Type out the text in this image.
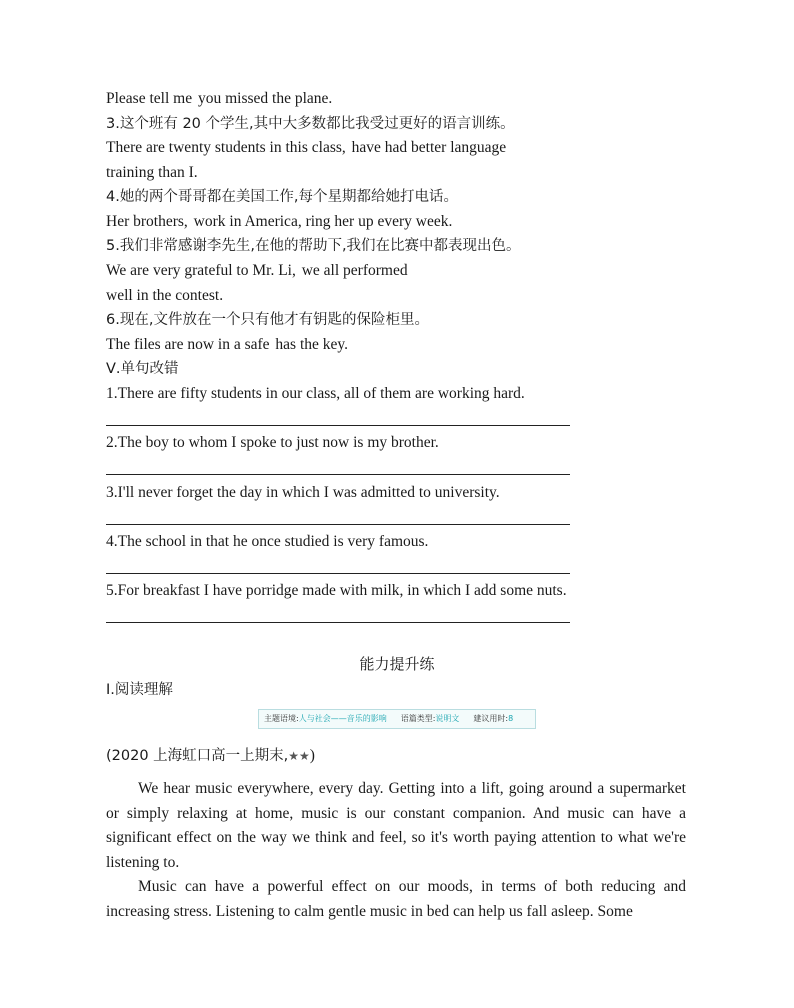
Please tell me you missed the plane.
3.这个班有 20 个学生,其中大多数都比我受过更好的语言训练。
There are twenty students in this class, have had better language
training than I.
4.她的两个哥哥都在美国工作,每个星期都给她打电话。
Her brothers, work in America, ring her up every week.
5.我们非常感谢李先生,在他的帮助下,我们在比赛中都表现出色。
We are very grateful to Mr. Li, we all performed
well in the contest.
6.现在,文件放在一个只有他才有钥匙的保险柜里。
The files are now in a safe has the key.
Ⅴ.单句改错
1.There are fifty students in our class, all of them are working hard.
2.The boy to whom I spoke to just now is my brother.
3.I'll never forget the day in which I was admitted to university.
4.The school in that he once studied is very famous.
5.For breakfast I have porridge made with milk, in which I add some nuts.
能力提升练
Ⅰ.阅读理解
主题语境:人与社会——音乐的影响 语篇类型:说明文 建议用时:8
(2020 上海虹口高一上期末,★★)
We hear music everywhere, every day. Getting into a lift, going around a supermarket or simply relaxing at home, music is our constant companion. And music can have a significant effect on the way we think and feel, so it's worth paying attention to what we're listening to.
Music can have a powerful effect on our moods, in terms of both reducing and increasing stress. Listening to calm gentle music in bed can help us fall asleep. Some
